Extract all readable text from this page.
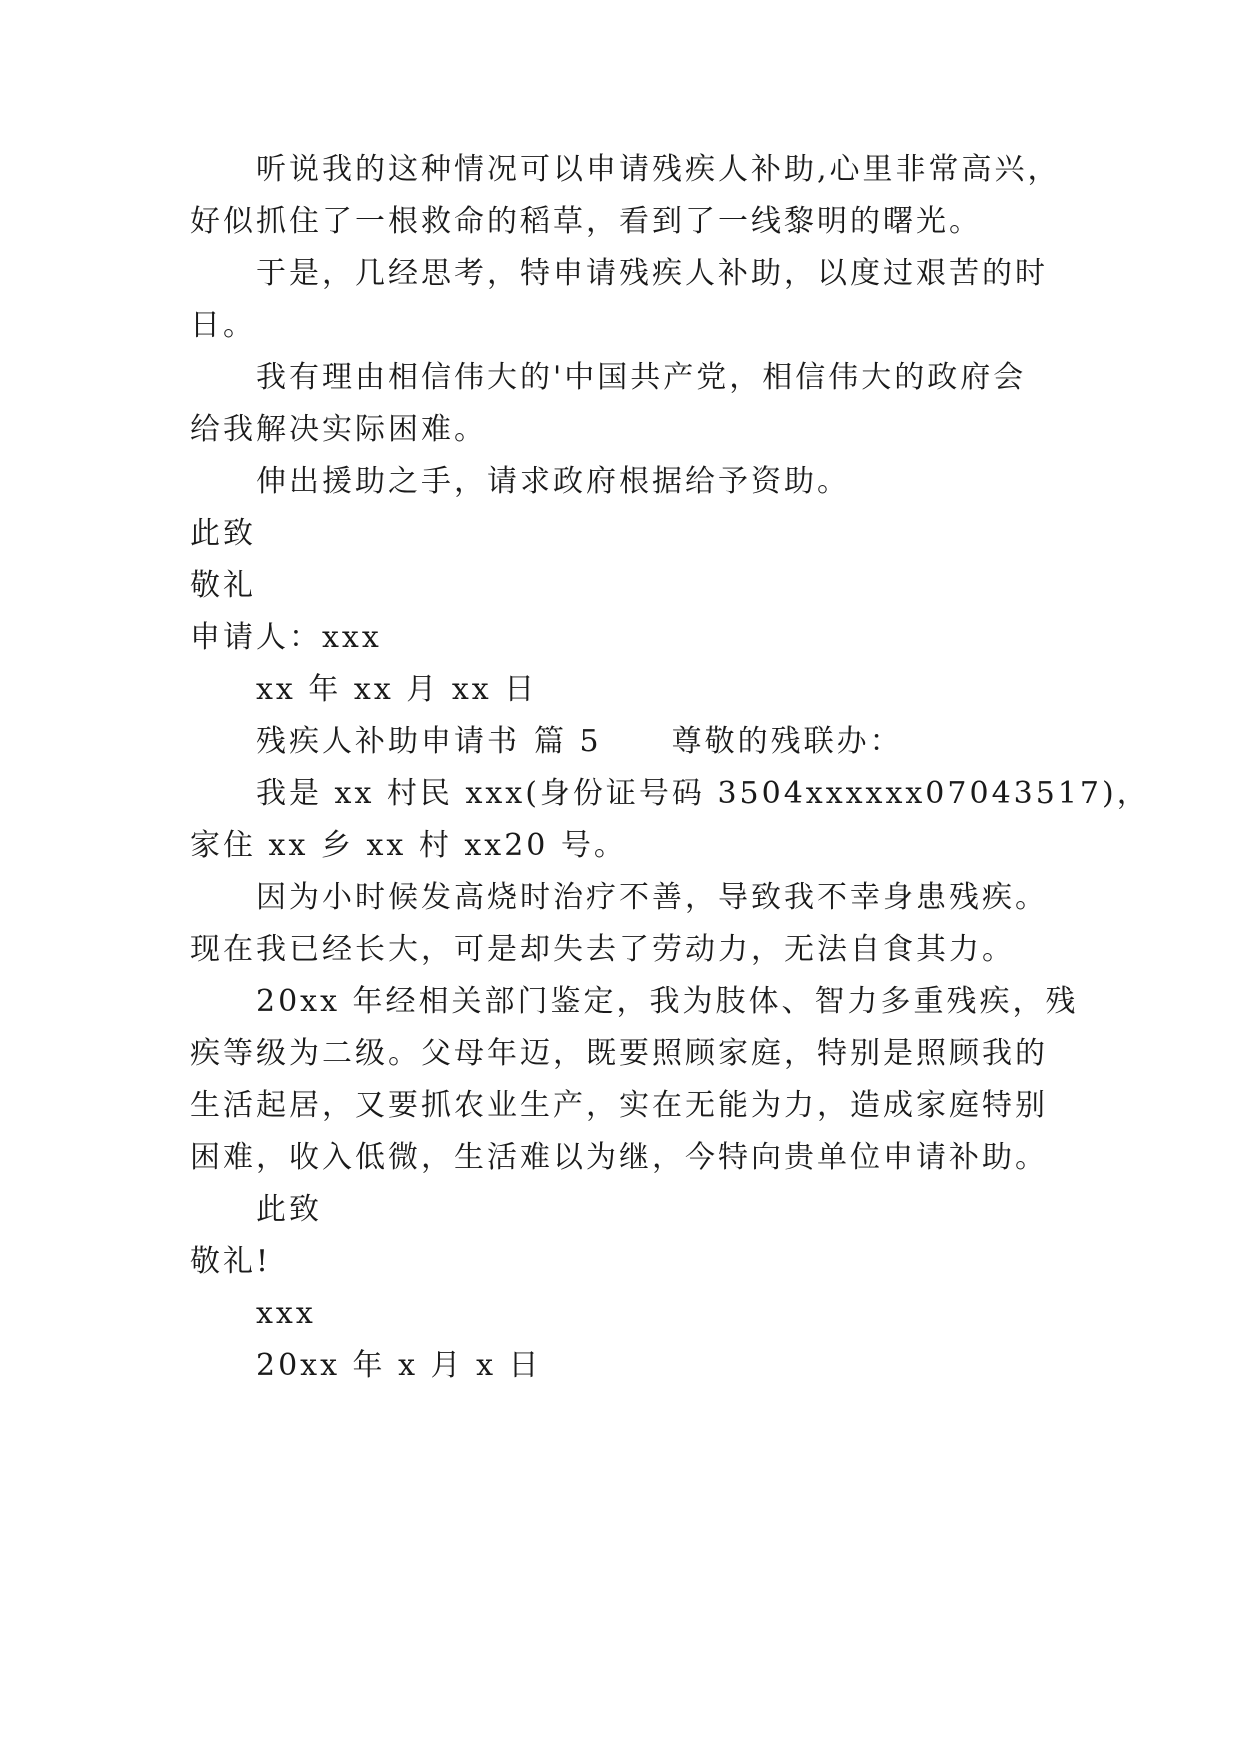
听说我的这种情况可以申请残疾人补助,心里非常高兴，
好似抓住了一根救命的稻草，看到了一线黎明的曙光。
于是，几经思考，特申请残疾人补助，以度过艰苦的时
日。
我有理由相信伟大的'中国共产党，相信伟大的政府会
给我解决实际困难。
伸出援助之手，请求政府根据给予资助。
此致
敬礼
申请人：xxx
xx 年 xx 月 xx 日
残疾人补助申请书 篇 5 尊敬的残联办：
我是 xx 村民 xxx(身份证号码 3504xxxxxx07043517)，
家住 xx 乡 xx 村 xx20 号。
因为小时候发高烧时治疗不善，导致我不幸身患残疾。
现在我已经长大，可是却失去了劳动力，无法自食其力。
20xx 年经相关部门鉴定，我为肢体、智力多重残疾，残
疾等级为二级。父母年迈，既要照顾家庭，特别是照顾我的
生活起居，又要抓农业生产，实在无能为力，造成家庭特别
困难，收入低微，生活难以为继，今特向贵单位申请补助。
此致
敬礼!
xxx
20xx 年 x 月 x 日
